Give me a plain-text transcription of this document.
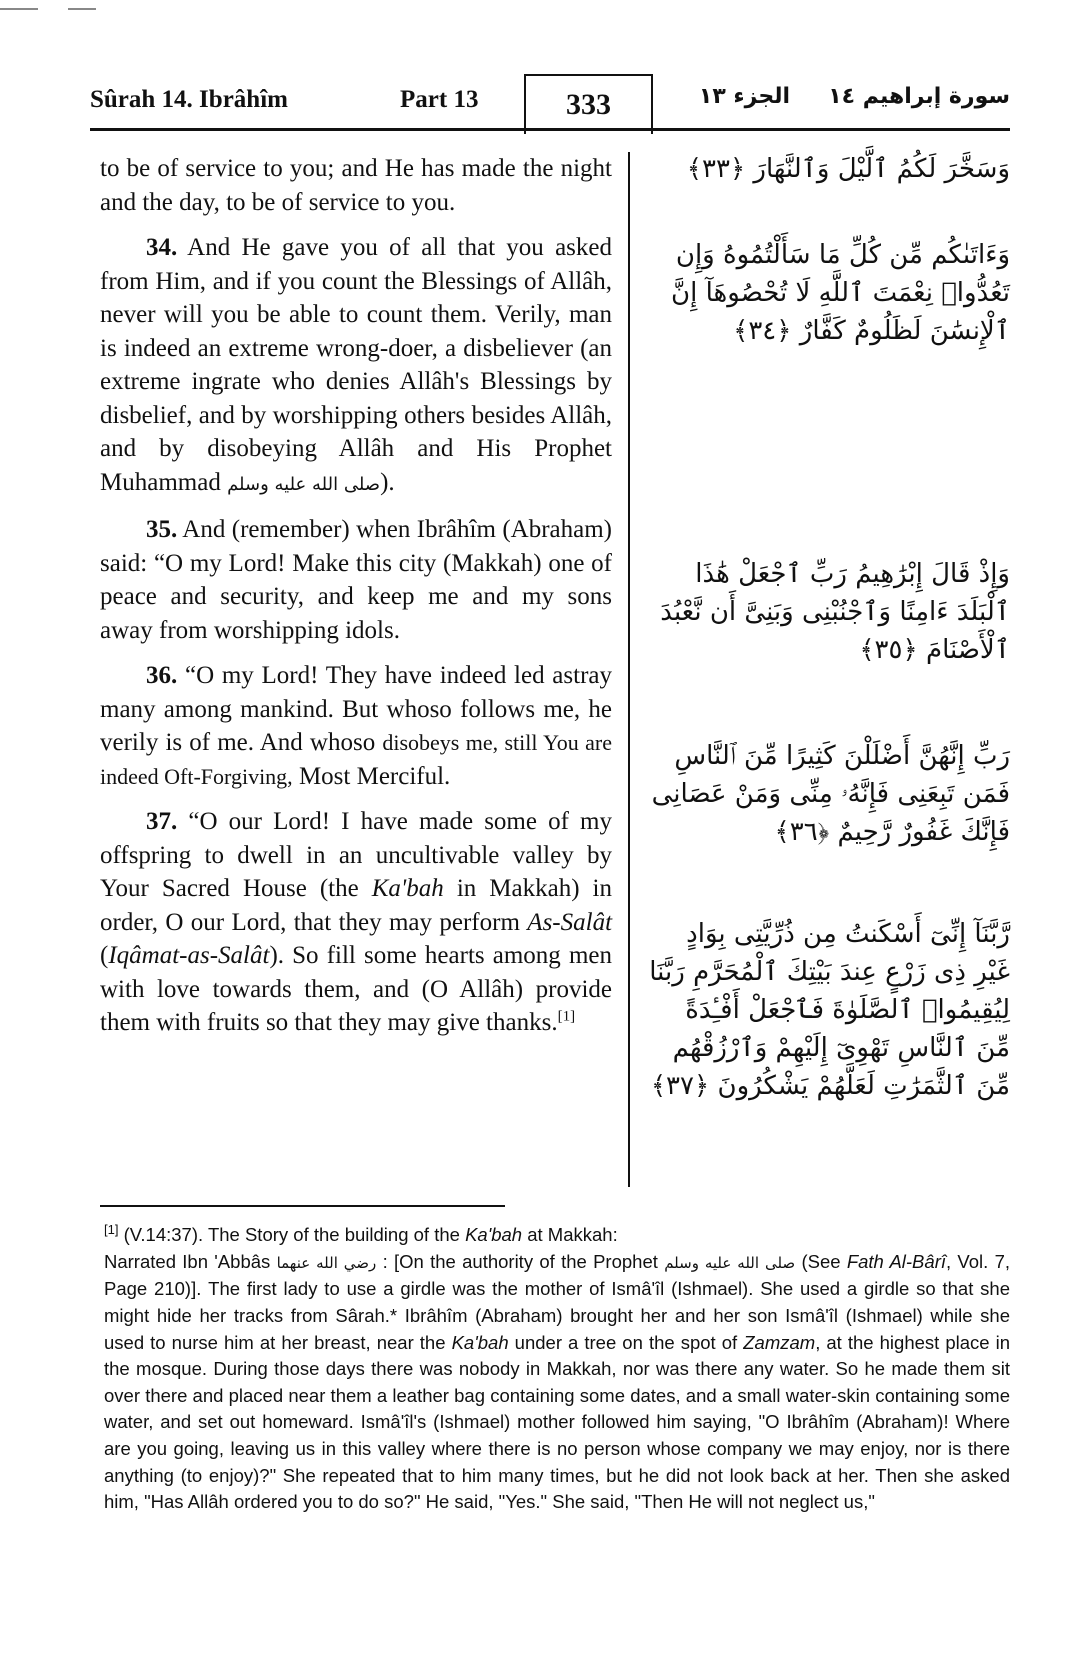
Sûrah 14. Ibrâhîm	Part 13	333	الجزء ١٣ سورة إبراهيم ١٤

to be of service to you; and He has made the night and the day, to be of service to you.

34. And He gave you of all that you asked from Him, and if you count the Blessings of Allâh, never will you be able to count them. Verily, man is indeed an extreme wrong-doer, a disbeliever (an extreme ingrate who denies Allâh's Blessings by disbelief, and by worshipping others besides Allâh, and by disobeying Allâh and His Prophet Muhammad صلى الله عليه وسلم).

35. And (remember) when Ibrâhîm (Abraham) said: “O my Lord! Make this city (Makkah) one of peace and security, and keep me and my sons away from worshipping idols.

36. “O my Lord! They have indeed led astray many among mankind. But whoso follows me, he verily is of me. And whoso disobeys me, still You are indeed Oft-Forgiving, Most Merciful.

37. “O our Lord! I have made some of my offspring to dwell in an uncultivable valley by Your Sacred House (the Ka'bah in Makkah) in order, O our Lord, that they may perform As-Salât (Iqâmat-as-Salât). So fill some hearts among men with love towards them, and (O Allâh) provide them with fruits so that they may give thanks.[1]

وَسَخَّرَ لَكُمُ ٱلَّيْلَ وَٱلنَّهَارَ ﴿٣٣﴾
وَءَاتَىٰكُم مِّن كُلِّ مَا سَأَلْتُمُوهُ وَإِن تَعُدُّوا۟ نِعْمَتَ ٱللَّهِ لَا تُحْصُوهَآ إِنَّ ٱلْإِنسَٰنَ لَظَلُومٌ كَفَّارٌ ﴿٣٤﴾
وَإِذْ قَالَ إِبْرَٰهِيمُ رَبِّ ٱجْعَلْ هَٰذَا ٱلْبَلَدَ ءَامِنًا وَٱجْنُبْنِى وَبَنِىَّ أَن نَّعْبُدَ ٱلْأَصْنَامَ ﴿٣٥﴾
رَبِّ إِنَّهُنَّ أَضْلَلْنَ كَثِيرًا مِّنَ ٱلنَّاسِ فَمَن تَبِعَنِى فَإِنَّهُۥ مِنِّى وَمَنْ عَصَانِى فَإِنَّكَ غَفُورٌ رَّحِيمٌ ﴿٣٦﴾
رَّبَّنَآ إِنِّىٓ أَسْكَنتُ مِن ذُرِّيَّتِى بِوَادٍ غَيْرِ ذِى زَرْعٍ عِندَ بَيْتِكَ ٱلْمُحَرَّمِ رَبَّنَا لِيُقِيمُوا۟ ٱلصَّلَوٰةَ فَٱجْعَلْ أَفْـِٔدَةً مِّنَ ٱلنَّاسِ تَهْوِىٓ إِلَيْهِمْ وَٱرْزُقْهُم مِّنَ ٱلثَّمَرَٰتِ لَعَلَّهُمْ يَشْكُرُونَ ﴿٣٧﴾

[1] (V.14:37). The Story of the building of the Ka'bah at Makkah:

Narrated Ibn 'Abbâs رضي الله عنهما : [On the authority of the Prophet صلى الله عليه وسلم (See Fath Al-Bârî, Vol. 7, Page 210)]. The first lady to use a girdle was the mother of Ismâ'îl (Ishmael). She used a girdle so that she might hide her tracks from Sârah.* Ibrâhîm (Abraham) brought her and her son Ismâ'îl (Ishmael) while she used to nurse him at her breast, near the Ka'bah under a tree on the spot of Zamzam, at the highest place in the mosque. During those days there was nobody in Makkah, nor was there any water. So he made them sit over there and placed near them a leather bag containing some dates, and a small water-skin containing some water, and set out homeward. Ismâ'îl's (Ishmael) mother followed him saying, "O Ibrâhîm (Abraham)! Where are you going, leaving us in this valley where there is no person whose company we may enjoy, nor is there anything (to enjoy)?" She repeated that to him many times, but he did not look back at her. Then she asked him, "Has Allâh ordered you to do so?" He said, "Yes." She said, "Then He will not neglect us,"
